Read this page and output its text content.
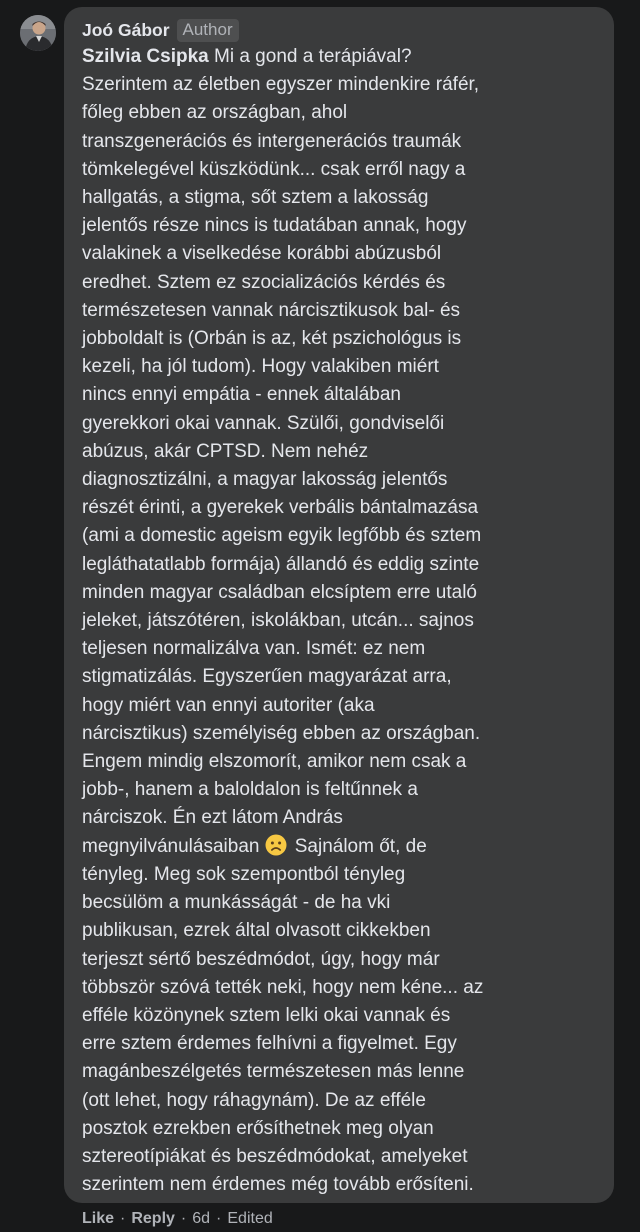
Joó Gábor Author
Szilvia Csipka Mi a gond a terápiával?
Szerintem az életben egyszer mindenkire ráfér,
főleg ebben az országban, ahol
transzgenerációs és intergenerációs traumák
tömkelegével küszködünk... csak erről nagy a
hallgatás, a stigma, sőt sztem a lakosság
jelentős része nincs is tudatában annak, hogy
valakinek a viselkedése korábbi abúzusból
eredhet. Sztem ez szocializációs kérdés és
természetesen vannak nárcisztikusok bal- és
jobboldalt is (Orbán is az, két pszichológus is
kezeli, ha jól tudom). Hogy valakiben miért
nincs ennyi empátia - ennek általában
gyerekkori okai vannak. Szülői, gondviselői
abúzus, akár CPTSD. Nem nehéz
diagnosztizálni, a magyar lakosság jelentős
részét érinti, a gyerekek verbális bántalmazása
(ami a domestic ageism egyik legfőbb és sztem
legláthatatlabb formája) állandó és eddig szinte
minden magyar családban elcsíptem erre utaló
jeleket, játszótéren, iskolákban, utcán... sajnos
teljesen normalizálva van. Ismét: ez nem
stigmatizálás. Egyszerűen magyarázat arra,
hogy miért van ennyi autoriter (aka
nárcisztikus) személyiség ebben az országban.
Engem mindig elszomorít, amikor nem csak a
jobb-, hanem a baloldalon is feltűnnek a
nárciszok. Én ezt látom András
megnyilvánulásaiban Sajnálom őt, de
tényleg. Meg sok szempontból tényleg
becsülöm a munkásságát - de ha vki
publikusan, ezrek által olvasott cikkekben
terjeszt sértő beszédmódot, úgy, hogy már
többször szóvá tették neki, hogy nem kéne... az
efféle közönynek sztem lelki okai vannak és
erre sztem érdemes felhívni a figyelmet. Egy
magánbeszélgetés természetesen más lenne
(ott lehet, hogy ráhagynám). De az efféle
posztok ezrekben erősíthetnek meg olyan
sztereotípiákat és beszédmódokat, amelyeket
szerintem nem érdemes még tovább erősíteni.
Like · Reply · 6d · Edited
